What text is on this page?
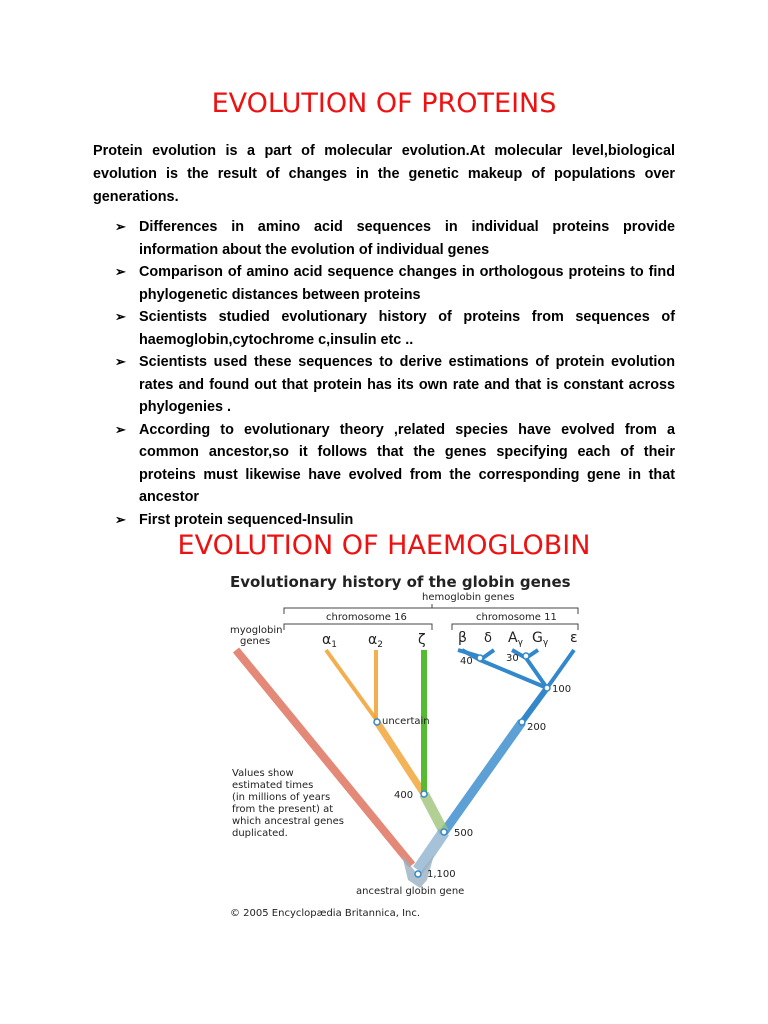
EVOLUTION OF PROTEINS

Protein evolution is a part of molecular evolution.At molecular level,biological evolution is the result of changes in the genetic makeup of populations over generations.

➢ Differences in amino acid sequences in individual proteins provide information about the evolution of individual genes
➢ Comparison of amino acid sequence changes in orthologous proteins to find phylogenetic distances between proteins
➢ Scientists studied evolutionary history of proteins from sequences of haemoglobin,cytochrome c,insulin etc ..
➢ Scientists used these sequences to derive estimations of protein evolution rates and found out that protein has its own rate and that is constant across phylogenies .
➢ According to evolutionary theory ,related species have evolved from a common ancestor,so it follows that the genes specifying each of their proteins must likewise have evolved from the corresponding gene in that ancestor
➢ First protein sequenced-Insulin
EVOLUTION OF HAEMOGLOBIN
Evolutionary history of the globin genes
hemoglobin genes
chromosome 16	chromosome 11
myoglobin
genes	$\alpha_1$ $\alpha_2$	ζ β δ $A_\gamma$ $G_\gamma$ ε
40	30
100
200
uncertain
400
500
1,100
Values show
estimated times
(in millions of years
from the present) at
which ancestral genes
duplicated.
ancestral globin gene
© 2005 Encyclopædia Britannica, Inc.
